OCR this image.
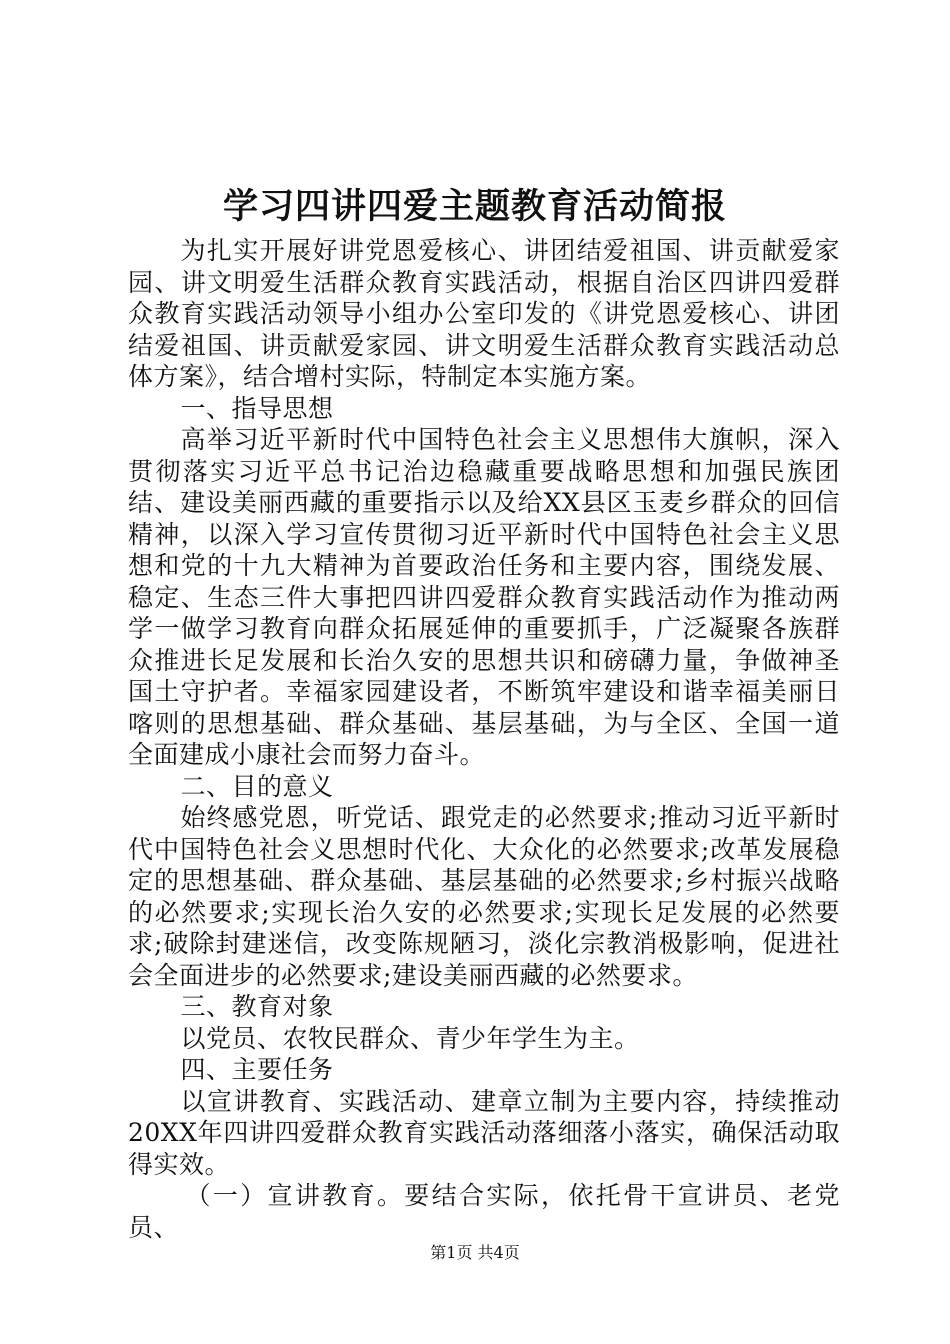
学习四讲四爱主题教育活动简报

为扎实开展好讲党恩爱核心、讲团结爱祖国、讲贡献爱家园、讲文明爱生活群众教育实践活动，根据自治区四讲四爱群众教育实践活动领导小组办公室印发的《讲党恩爱核心、讲团结爱祖国、讲贡献爱家园、讲文明爱生活群众教育实践活动总体方案》，结合增村实际，特制定本实施方案。

一、指导思想

高举习近平新时代中国特色社会主义思想伟大旗帜，深入贯彻落实习近平总书记治边稳藏重要战略思想和加强民族团结、建设美丽西藏的重要指示以及给XX县区玉麦乡群众的回信精神，以深入学习宣传贯彻习近平新时代中国特色社会主义思想和党的十九大精神为首要政治任务和主要内容，围绕发展、稳定、生态三件大事把四讲四爱群众教育实践活动作为推动两学一做学习教育向群众拓展延伸的重要抓手，广泛凝聚各族群众推进长足发展和长治久安的思想共识和磅礴力量，争做神圣国土守护者。幸福家园建设者，不断筑牢建设和谐幸福美丽日喀则的思想基础、群众基础、基层基础，为与全区、全国一道全面建成小康社会而努力奋斗。

二、目的意义

始终感党恩，听党话、跟党走的必然要求;推动习近平新时代中国特色社会义思想时代化、大众化的必然要求;改革发展稳定的思想基础、群众基础、基层基础的必然要求;乡村振兴战略的必然要求;实现长治久安的必然要求;实现长足发展的必然要求;破除封建迷信，改变陈规陋习，淡化宗教消极影响，促进社会全面进步的必然要求;建设美丽西藏的必然要求。

三、教育对象

以党员、农牧民群众、青少年学生为主。

四、主要任务

以宣讲教育、实践活动、建章立制为主要内容，持续推动20XX年四讲四爱群众教育实践活动落细落小落实，确保活动取得实效。

（一）宣讲教育。要结合实际，依托骨干宣讲员、老党员、

第1页 共4页
